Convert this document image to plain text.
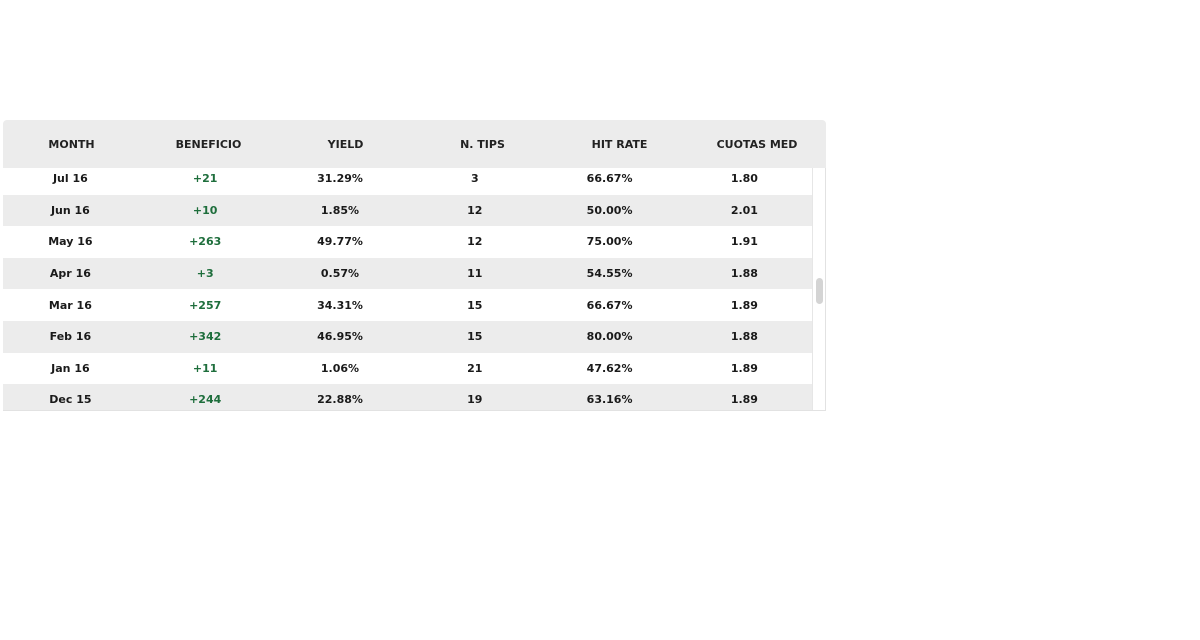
MONTH	BENEFICIO	YIELD	N. TIPS	HIT RATE	CUOTAS MED
Jul 16	+21	31.29%	3	66.67%	1.80
Jun 16	+10	1.85%	12	50.00%	2.01
May 16	+263	49.77%	12	75.00%	1.91
Apr 16	+3	0.57%	11	54.55%	1.88
Mar 16	+257	34.31%	15	66.67%	1.89
Feb 16	+342	46.95%	15	80.00%	1.88
Jan 16	+11	1.06%	21	47.62%	1.89
Dec 15	+244	22.88%	19	63.16%	1.89
